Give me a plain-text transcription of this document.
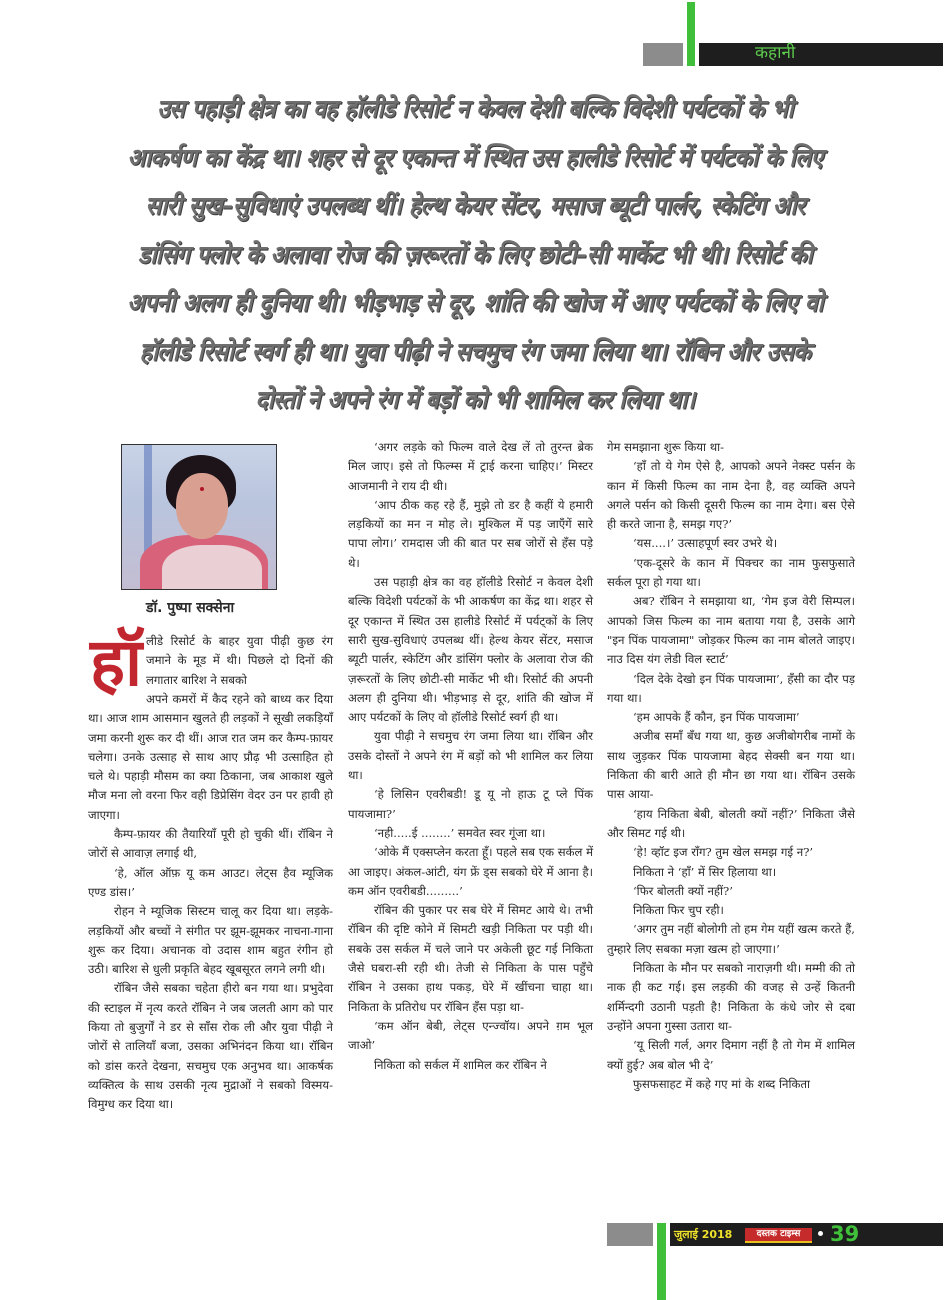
कहानी
उस पहाड़ी क्षेत्र का वह हॉलीडे रिसोर्ट न केवल देशी बल्कि विदेशी पर्यटकों के भी आकर्षण का केंद्र था। शहर से दूर एकान्त में स्थित उस हालीडे रिसोर्ट में पर्यटकों के लिए सारी सुख–सुविधाएं उपलब्ध थीं। हेल्थ केयर सेंटर, मसाज ब्यूटी पार्लर, स्केटिंग और डांसिंग फ्लोर के अलावा रोज की ज़रूरतों के लिए छोटी–सी मार्केट भी थी। रिसोर्ट की अपनी अलग ही दुनिया थी। भीड़भाड़ से दूर, शांति की खोज में आए पर्यटकों के लिए वो हॉलीडे रिसोर्ट स्वर्ग ही था। युवा पीढ़ी ने सचमुच रंग जमा लिया था। रॉबिन और उसके दोस्तों ने अपने रंग में बड़ों को भी शामिल कर लिया था।
डॉ. पुष्पा सक्सेना
हॉ लीडे रिसोर्ट के बाहर युवा पीढ़ी कुछ रंग जमाने के मूड में थी। पिछले दो दिनों की लगातार बारिश ने सबको

अपने कमरों में कैद रहने को बाध्य कर दिया था। आज शाम आसमान खुलते ही लड़कों ने सूखी लकड़ियाँ जमा करनी शुरू कर दी थीं। आज रात जम कर कैम्प-फ़ायर चलेगा। उनके उत्साह से साथ आए प्रौढ़ भी उत्साहित हो चले थे। पहाड़ी मौसम का क्या ठिकाना, जब आकाश खुले मौज मना लो वरना फिर वही डिप्रेसिंग वेदर उन पर हावी हो जाएगा।

कैम्प-फ़ायर की तैयारियाँ पूरी हो चुकी थीं। रॉबिन ने जोरों से आवाज़ लगाई थी,

‘हे, ऑल ऑफ़ यू कम आउट। लेट्स हैव म्यूजिक एण्ड डांस।’

रोहन ने म्यूजिक सिस्टम चालू कर दिया था। लड़के-लड़कियों और बच्चों ने संगीत पर झूम-झूमकर नाचना-गाना शुरू कर दिया। अचानक वो उदास शाम बहुत रंगीन हो उठी। बारिश से धुली प्रकृति बेहद खूबसूरत लगने लगी थी।

रॉबिन जैसे सबका चहेता हीरो बन गया था। प्रभुदेवा की स्टाइल में नृत्य करते रॉबिन ने जब जलती आग को पार किया तो बुजुर्गों ने डर से साँस रोक ली और युवा पीढ़ी ने जोरों से तालियाँ बजा, उसका अभिनंदन किया था। रॉबिन को डांस करते देखना, सचमुच एक अनुभव था। आकर्षक व्यक्तित्व के साथ उसकी नृत्य मुद्राओं ने सबको विस्मय-विमुग्ध कर दिया था।

‘अगर लड़के को फिल्म वाले देख लें तो तुरन्त ब्रेक मिल जाए। इसे तो फिल्म्स में ट्राई करना चाहिए।’ मिस्टर आजमानी ने राय दी थी।

‘आप ठीक कह रहे हैं, मुझे तो डर है कहीं ये हमारी लड़कियों का मन न मोह ले। मुश्किल में पड़ जाएँगें सारे पापा लोग।’ रामदास जी की बात पर सब जोरों से हँस पड़े थे।

उस पहाड़ी क्षेत्र का वह हॉलीडे रिसोर्ट न केवल देशी बल्कि विदेशी पर्यटकों के भी आकर्षण का केंद्र था। शहर से दूर एकान्त में स्थित उस हालीडे रिसोर्ट में पर्यट्कों के लिए सारी सुख-सुविधाएं उपलब्ध थीं। हेल्थ केयर सेंटर, मसाज ब्यूटी पार्लर, स्केटिंग और डांसिंग फ्लोर के अलावा रोज की ज़रूरतों के लिए छोटी-सी मार्केट भी थी। रिसोर्ट की अपनी अलग ही दुनिया थी। भीड़भाड़ से दूर, शांति की खोज में आए पर्यटकों के लिए वो हॉलीडे रिसोर्ट स्वर्ग ही था।

युवा पीढ़ी ने सचमुच रंग जमा लिया था। रॉबिन और उसके दोस्तों ने अपने रंग में बड़ों को भी शामिल कर लिया था।

‘हे लिसिन एवरीबडी! डू यू नो हाऊ टू प्ले पिंक पायजामा?’

‘नही.....ई ........’ समवेत स्वर गूंजा था।

‘ओके मैं एक्सप्लेन करता हूँ। पहले सब एक सर्कल में आ जाइए। अंकल-आंटी, यंग फ्रें ड्स सबको घेरे में आना है। कम ऑन एवरीबडी.........’

रॉबिन की पुकार पर सब घेरे में सिमट आये थे। तभी रॉबिन की दृष्टि कोने में सिमटी खड़ी निकिता पर पड़ी थी। सबके उस सर्कल में चले जाने पर अकेली छूट गई निकिता जैसे घबरा-सी रही थी। तेजी से निकिता के पास पहुँचे रॉबिन ने उसका हाथ पकड़, घेरे में खींचना चाहा था। निकिता के प्रतिरोध पर रॉबिन हँस पड़ा था-

‘कम ऑन बेबी, लेट्स एन्ज्वॉय। अपने ग़म भूल जाओ’

निकिता को सर्कल में शामिल कर रॉबिन ने

गेम समझाना शुरू किया था-

‘हाँ तो ये गेम ऐसे है, आपको अपने नेक्स्ट पर्सन के कान में किसी फिल्म का नाम देना है, वह व्यक्ति अपने अगले पर्सन को किसी दूसरी फिल्म का नाम देगा। बस ऐसे ही करते जाना है, समझ गए?’

‘यस....।’ उत्साहपूर्ण स्वर उभरे थे।

‘एक-दूसरे के कान में पिक्चर का नाम फुसफुसाते सर्कल पूरा हो गया था।

अब? रॉबिन ने समझाया था, ‘गेम इज वेरी सिम्पल। आपको जिस फिल्म का नाम बताया गया है, उसके आगे "इन पिंक पायजामा" जोड़कर फिल्म का नाम बोलते जाइए। नाउ दिस यंग लेडी विल स्टार्ट’

‘दिल देके देखो इन पिंक पायजामा’, हँसी का दौर पड़ गया था।

‘हम आपके हैं कौन, इन पिंक पायजामा’

अजीब समाँ बँध गया था, कुछ अजीबोगरीब नामों के साथ जुड़कर पिंक पायजामा बेहद सेक्सी बन गया था। निकिता की बारी आते ही मौन छा गया था। रॉबिन उसके पास आया-

‘हाय निकिता बेबी, बोलती क्यों नहीं?’ निकिता जैसे और सिमट गई थी।

‘हे! व्हॉट इज रॉंग? तुम खेल समझ गई न?’

निकिता ने ‘हाँ’ में सिर हिलाया था।

‘फिर बोलती क्यों नहीं?’

निकिता फिर चुप रही।

‘अगर तुम नहीं बोलोगी तो हम गेम यहीं खत्म करते हैं, तुम्हारे लिए सबका मज़ा खत्म हो जाएगा।’

निकिता के मौन पर सबको नाराज़गी थी। मम्मी की तो नाक ही कट गई। इस लड़की की वजह से उन्हें कितनी शर्मिन्दगी उठानी पड़ती है! निकिता के कंधे जोर से दबा उन्होंने अपना गुस्सा उतारा था-

‘यू सिली गर्ल, अगर दिमाग नहीं है तो गेम में शामिल क्यों हुई? अब बोल भी दे’

फुसफसाहट में कहे गए मां के शब्द निकिता

जुलाई 2018	दस्तक टाइम्स	39
